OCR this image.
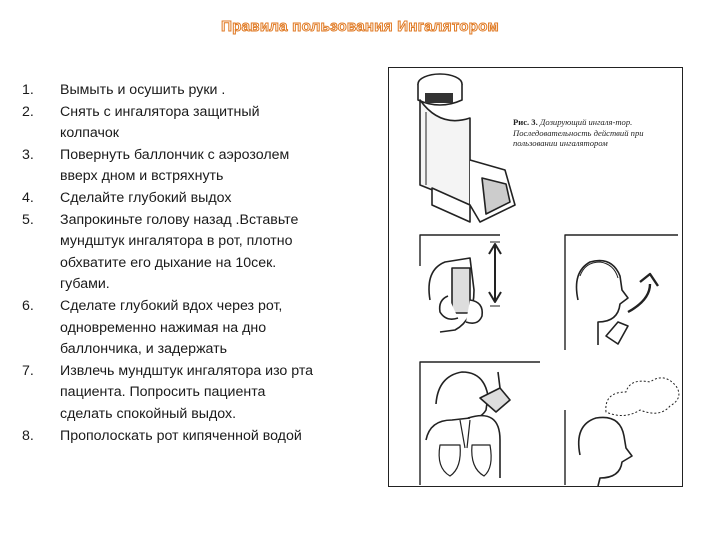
Правила пользования Ингалятором
1. Вымыть и осушить руки .
2. Снять с ингалятора защитный
колпачок
3. Повернуть баллончик с аэрозолем
вверх дном и встряхнуть
4. Сделайте глубокий выдох
5. Запрокиньте голову назад .Вставьте
мундштук ингалятора в рот, плотно
обхватите его дыхание на 10сек.
губами.
6. Сделате глубокий вдох через рот,
одновременно нажимая на дно
баллончика, и задержать
7. Извлечь мундштук ингалятора изо рта
пациента. Попросить пациента
сделать спокойный выдох.
8. Прополоскать рот кипяченной водой
Рис. 3. Дозирующий ингаля-тор. Последовательность действий при пользовании ингалятором
